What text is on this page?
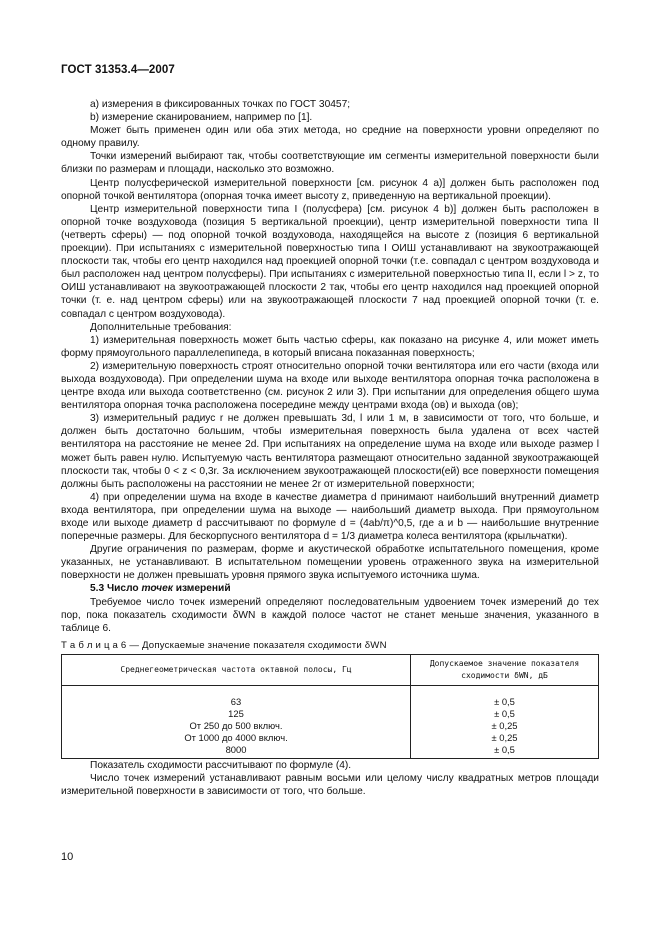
ГОСТ 31353.4—2007

a) измерения в фиксированных точках по ГОСТ 30457;

b) измерение сканированием, например по [1].

Может быть применен один или оба этих метода, но средние на поверхности уровни определяют по одному правилу.

Точки измерений выбирают так, чтобы соответствующие им сегменты измерительной поверхности были близки по размерам и площади, насколько это возможно.

Центр полусферической измерительной поверхности [см. рисунок 4 а)] должен быть расположен под опорной точкой вентилятора (опорная точка имеет высоту z, приведенную на вертикальной проекции).

Центр измерительной поверхности типа I (полусфера) [см. рисунок 4 b)] должен быть расположен в опорной точке воздуховода (позиция 5 вертикальной проекции), центр измерительной поверхности типа II (четверть сферы) — под опорной точкой воздуховода, находящейся на высоте z (позиция 6 вертикальной проекции). При испытаниях с измерительной поверхностью типа I ОИШ устанавливают на звукоотражающей плоскости так, чтобы его центр находился над проекцией опорной точки (т.е. совпадал с центром воздуховода и был расположен над центром полусферы). При испытаниях с измерительной поверхностью типа II, если l > z, то ОИШ устанавливают на звукоотражающей плоскости 2 так, чтобы его центр находился над проекцией опорной точки (т. е. над центром сферы) или на звукоотражающей плоскости 7 над проекцией опорной точки (т. е. совпадал с центром воздуховода).

Дополнительные требования:

1) измерительная поверхность может быть частью сферы, как показано на рисунке 4, или может иметь форму прямоугольного параллелепипеда, в который вписана показанная поверхность;

2) измерительную поверхность строят относительно опорной точки вентилятора или его части (входа или выхода воздуховода). При определении шума на входе или выходе вентилятора опорная точка расположена в центре входа или выхода соответственно (см. рисунок 2 или 3). При испытании для определения общего шума вентилятора опорная точка расположена посередине между центрами входа (ов) и выхода (ов);

3) измерительный радиус r не должен превышать 3d, l или 1 м, в зависимости от того, что больше, и должен быть достаточно большим, чтобы измерительная поверхность была удалена от всех частей вентилятора на расстояние не менее 2d. При испытаниях на определение шума на входе или выходе размер l может быть равен нулю. Испытуемую часть вентилятора размещают относительно заданной звукоотражающей плоскости так, чтобы 0 < z < 0,3r. За исключением звукоотражающей плоскости(ей) все поверхности помещения должны быть расположены на расстоянии не менее 2r от измерительной поверхности;

4) при определении шума на входе в качестве диаметра d принимают наибольший внутренний диаметр входа вентилятора, при определении шума на выходе — наибольший диаметр выхода. При прямоугольном входе или выходе диаметр d рассчитывают по формуле d = (4ab/π)^0,5, где a и b — наибольшие внутренние поперечные размеры. Для бескорпусного вентилятора d = 1/3 диаметра колеса вентилятора (крыльчатки).

Другие ограничения по размерам, форме и акустической обработке испытательного помещения, кроме указанных, не устанавливают. В испытательном помещении уровень отраженного звука на измерительной поверхности не должен превышать уровня прямого звука испытуемого источника шума.

5.3 Число точек измерений

Требуемое число точек измерений определяют последовательным удвоением точек измерений до тех пор, пока показатель сходимости δWN в каждой полосе частот не станет меньше значения, указанного в таблице 6.

Т а б л и ц а 6 — Допускаемые значение показателя сходимости δWN
Среднегеометрическая частота октавной полосы, Гц	Допускаемое значение показателя сходимости δWN, дБ
63	± 0,5
125	± 0,5
От 250 до 500 включ.	± 0,25
От 1000 до 4000 включ.	± 0,25
8000	± 0,5

Показатель сходимости рассчитывают по формуле (4).

Число точек измерений устанавливают равным восьми или целому числу квадратных метров площади измерительной поверхности в зависимости от того, что больше.

10
